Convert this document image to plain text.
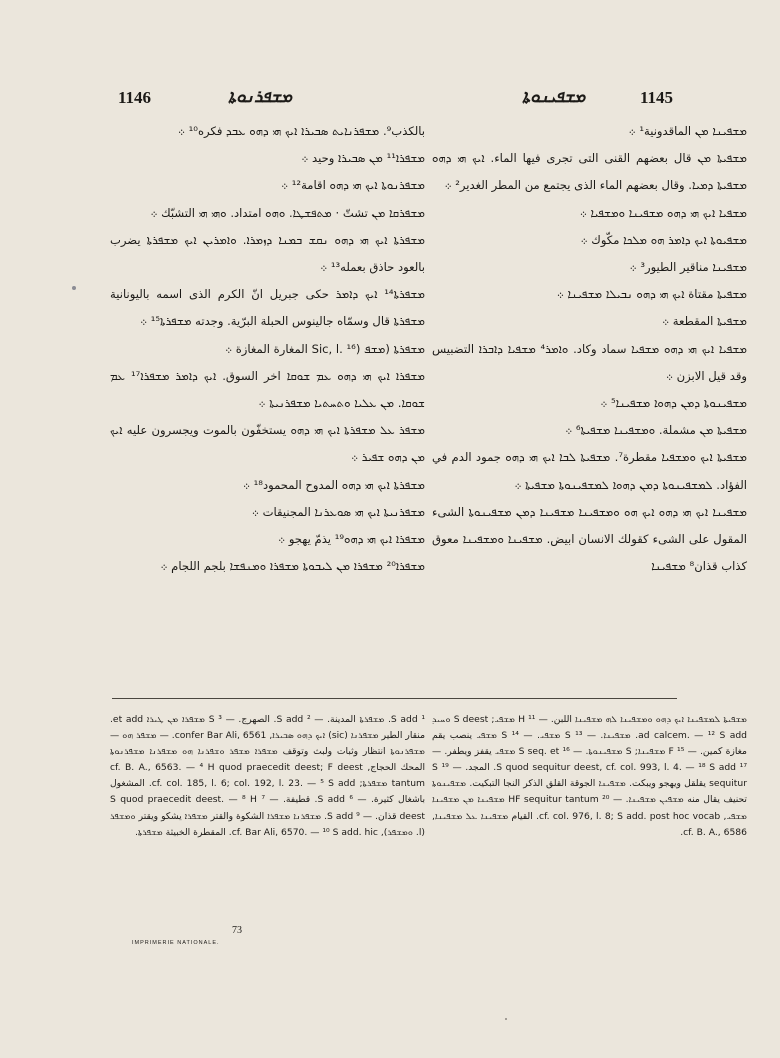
1146	ܡܫܦܪܢܘܬܐ	ܡܫܦܝܢܘܬܐ	1145

بالكذب⁹. ܡܫܦܪܢܐܝܬ ܣܒܝܪܐ ܐܝܟ ܗܝ ܕܗܘ ܥܒܕ فكره¹⁰ ܀

ܡܫܦܪܐ¹¹ ܡܢ ܣܒܝܪܐ وحيد ܀

ܡܫܦܪܢܘܬܐ ܐܝܟ ܗܝ ܕܗܘ اقامة¹² ܀

ܡܫܦܪܩܐ ܡܢ تشتّ · ܡܬܦܫܛܐ. ܘܗܘ امتداد. ܘܗܝ ܗܝ التشبّك ܀

ܡܫܦܪܬܐ ܐܝܟ ܗܝ ܕܗܘ ܢܩܫ ܒܡܢܐ ܕܙܡܪܐ. ܘܐܡܪܝܢ ܐܝܟ ܡܫܦܪܬܐ يضرب بالعود حاذق بعمله¹³ ܀

ܡܫܦܪܬܐ¹⁴ ܐܝܟ ܕܐܡܪ حكى جبريل انّ الكرم الذى اسمه باليونانية ܡܫܦܪܬܐ قال وسمّاه جالينوس الحبلة البرّية. وجدته ܡܫܦܪܬܐ¹⁵ ܀

ܡܫܦܪܬܐ (ܡܫܦ (Sic, l. ¹⁶ المغارة المغازة ܀

ܡܫܦܪܐ ܐܝܟ ܗܝ ܕܗܘ ܥܡ ܫܘܩܐ اخر السوق. ܐܝܟ ܕܐܡܪ ܡܫܦܪܐ¹⁷ ܥܡ ܫܘܩܐ. ܡܢ ܥܠܝܐ ܘܬܚܬܝܐ ܡܫܦܪܢܝܬܐ ܀

ܡܫܦܪ ܥܠ ܡܫܦܪܬܐ ܐܝܟ ܗܝ ܕܗܘ يستخفّون بالموت ويجسرون عليه ܐܝܟ ܡܢ ܕܗܘ ܫܦܝܪ ܀

ܡܫܦܪܬܐ ܐܝܟ ܗܝ ܕܗܘ المدوح المحمود¹⁸ ܀

ܡܫܦܪܢܝܬܐ ܐܝܟ ܗܝ ܣܘܥܪܢܐ المجنيقات ܀

ܡܫܦܪܐ ܐܝܟ ܗܝ ܕܗܘ¹⁹ يذمّ يهجو ܀

ܡܫܦܪܐ²⁰ ܡܫܦܪܐ ܡܢ ܠܝܒܘܬܐ ܡܫܦܪܐ ܘܡܢܦܫܐ بلجم اللجام ܀

ܡܫܦܝܢܐ ܡܢ الماقدونية¹ ܀

ܡܫܦܝܬܐ ܡܢ قال بعضهم القنى التى تجرى فيها الماء. ܐܝܟ ܗܝ ܕܗܘ ܡܫܦܝܬܐ ܕܡܝܐ. وقال بعضهم الماء الذى يجتمع من المطر الغدير² ܀

ܡܫܦܝܐ ܐܝܟ ܗܝ ܕܗܘ ܡܫܦܝܢܐ ܘܡܫܦܝܐ ܀

ܡܫܦܝܘܬܐ ܐܝܟ ܕܐܡܪ ܗܘ ܡܠܟܐ مكّوك ܀

ܡܫܦܝܢܐ مناقير الطيور³ ܀

ܡܫܦܝܬܐ مقتاة ܐܝܟ ܗܝ ܕܗܘ ܢܒܝܠܐ ܡܫܦܝܢܐ ܀

ܡܫܦܝܬܐ المقطعة ܀

ܡܫܦܝܐ ܐܝܟ ܗܝ ܕܗܘ ܡܫܦܝܐ سماد وكاد. ܘܐܡܪ⁴ ܡܫܦܝܐ ܕܐܒܪܐ التضبيس وقد قيل الابزن ܀

ܡܫܦܝܢܘܬܐ ܕܡܢ ܕܗܘܐ ܡܫܦܝܢܐ⁵ ܀

ܡܫܦܝܬܐ ܡܢ مشملة. ܘܡܫܦܝܢܐ ܡܫܦܝܬܐ⁶ ܀

ܡܫܦܝܬܐ ܐܝܟ ܘܡܫܦܝܐ مقطرة⁷. ܡܫܦܝܬܐ ܠܒܐ ܐܝܟ ܗܝ ܕܗܘ جمود الدم في الفؤاد. ܠܡܫܦܝܢܘܬܐ ܕܡܢ ܕܗܘܐ ܠܡܫܦܝܢܘܬܐ ܡܫܦܝܬܐ ܀

ܡܫܦܝܢܐ ܐܝܟ ܗܝ ܕܗܘ ܐܝܟ ܗܘ ܘܡܫܦܝܢܐ ܡܫܦܝܢܐ ܕܡܢ ܡܫܦܝܢܘܬܐ الشىء المقول على الشىء كقولك الانسان ابيض. ܡܫܦܝܢܐ ܘܡܫܦܝܢܐ معوق كذاب قذان⁸ ܡܫܦܝܢܐ

¹ S add. ܡܫܦܪܬܐ المدينة. — ² S add. الصهرج. — ³ S ܡܫܦܪܐ ܡܢ ܛܝܪܐ et add. منقار الطير ܡܫܦܪܢܐ (sic) ܐܝܟ ܕܗܘ ܣܒܝܪܐ, confer Bar Ali, 6561. — ܡܫܦܪ ܗܘ — ܡܫܦܪܢܘܬܐ انتظار وثبات ولبث وتوقف ܡܫܦܪܐ ܡܫܦܪ ܘܫܦܪܢܐ ܗܘ ܡܫܦܪܢܐ ܡܫܦܪܢܘܬܐ المحك الحجاج, cf. B. A., 6563. — ⁴ H quod praecedit deest; F deest tantum ܡܫܦܪܬܐ; cf. col. 185, l. 6; col. 192, l. 23. — ⁵ S add. المشغول باشغال كثيرة. — ⁶ S add. قطيفة. — ⁷ S quod praecedit deest. — ⁸ H deest قذان. — ⁹ S add. ܡܫܦܪܢܐ ܡܫܦܪܐ الشكوة والقتر ܡܫܦܪܐ يشكو ويقتر ܘܡܫܦܪ (l. ܘܡܫܦܪ), cf. Bar Ali, 6570. — ¹⁰ S add. hic. المقطرة الخبيثة ܡܫܦܪܬܐ.

ܡܫܦܝܬܐ ܠܡܫܦܝܢܐ ܐܝܟ ܕܗܘ ܘܡܫܦܝܢܐ ܠܗ ܡܫܦܝܢܐ اللبن. — ¹¹ H ܡܫܦܝ; S deest ܘܚܝܕ ad calcem. — ¹² S add. ܡܫܦܝܢܐ. — ¹³ S ܡܫܦܝ. — ¹⁴ S ܡܫܦܝ ينصب يقم مغازة كمين. — ¹⁵ F ܡܫܦܝܢܐ; S ܡܫܦܝܢܘܬܐ. — ¹⁶ S seq. et ܡܫܦܝ يقفز ويطفر. — ¹⁷ S quod sequitur deest, cf. col. 993, l. 4. — ¹⁸ S add. المجد. — ¹⁹ S sequitur يقلقل ويهجو ويبكت. ܡܫܦܝܢܐ الجوقة القلق الذكر النجا التبكيت. ܡܫܦܝܢܘܬܐ تحنيف يقال منه ܡܫܦܝܢ ܡܫܦܝܢܐ. — ²⁰ HF sequitur tantum ܡܫܦܝܢܐ ܡܢ ܡܫܦܝܢܐ ܡܫܦܝ, cf. col. 976, l. 8; S add. post hoc vocab. القيام ܡܫܦܝܢܐ ܥܠ ܡܫܦܝܢܐ, cf. B. A., 6586.

73
IMPRIMERIE NATIONALE.
